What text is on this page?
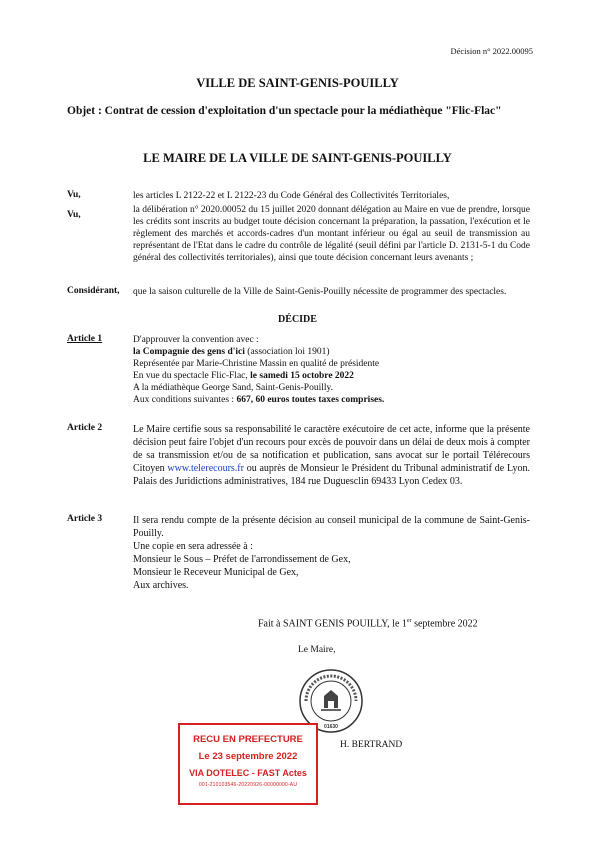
Décision n° 2022.00095
VILLE DE SAINT-GENIS-POUILLY
Objet : Contrat de cession d'exploitation d'un spectacle pour la médiathèque "Flic-Flac"
LE MAIRE DE LA VILLE DE SAINT-GENIS-POUILLY
Vu,	les articles L 2122-22 et L 2122-23 du Code Général des Collectivités Territoriales,
Vu,	la délibération n° 2020.00052 du 15 juillet 2020 donnant délégation au Maire en vue de prendre, lorsque les crédits sont inscrits au budget toute décision concernant la préparation, la passation, l'exécution et le règlement des marchés et accords-cadres d'un montant inférieur ou égal au seuil de transmission au représentant de l'Etat dans le cadre du contrôle de légalité (seuil défini par l'article D. 2131-5-1 du Code général des collectivités territoriales), ainsi que toute décision concernant leurs avenants ;
Considérant, que la saison culturelle de la Ville de Saint-Genis-Pouilly nécessite de programmer des spectacles.
DÉCIDE
Article 1	D'approuver la convention avec :
la Compagnie des gens d'ici (association loi 1901)
Représentée par Marie-Christine Massin en qualité de présidente
En vue du spectacle Flic-Flac, le samedi 15 octobre 2022
A la médiathèque George Sand, Saint-Genis-Pouilly.
Aux conditions suivantes : 667, 60 euros toutes taxes comprises.
Article 2	Le Maire certifie sous sa responsabilité le caractère exécutoire de cet acte, informe que la présente décision peut faire l'objet d'un recours pour excès de pouvoir dans un délai de deux mois à compter de sa transmission et/ou de sa notification et publication, sans avocat sur le portail Télérecours Citoyen www.telerecours.fr ou auprès de Monsieur le Président du Tribunal administratif de Lyon. Palais des Juridictions administratives, 184 rue Duguesclin 69433 Lyon Cedex 03.
Article 3	Il sera rendu compte de la présente décision au conseil municipal de la commune de Saint-Genis-Pouilly.
Une copie en sera adressée à :
Monsieur le Sous – Préfet de l'arrondissement de Gex,
Monsieur le Receveur Municipal de Gex,
Aux archives.
Fait à SAINT GENIS POUILLY, le 1er septembre 2022
Le Maire,
01630
H. BERTRAND
RECU EN PREFECTURE
Le 23 septembre 2022
VIA DOTELEC - FAST Actes
001-210103546-20220926-00000000-AU
